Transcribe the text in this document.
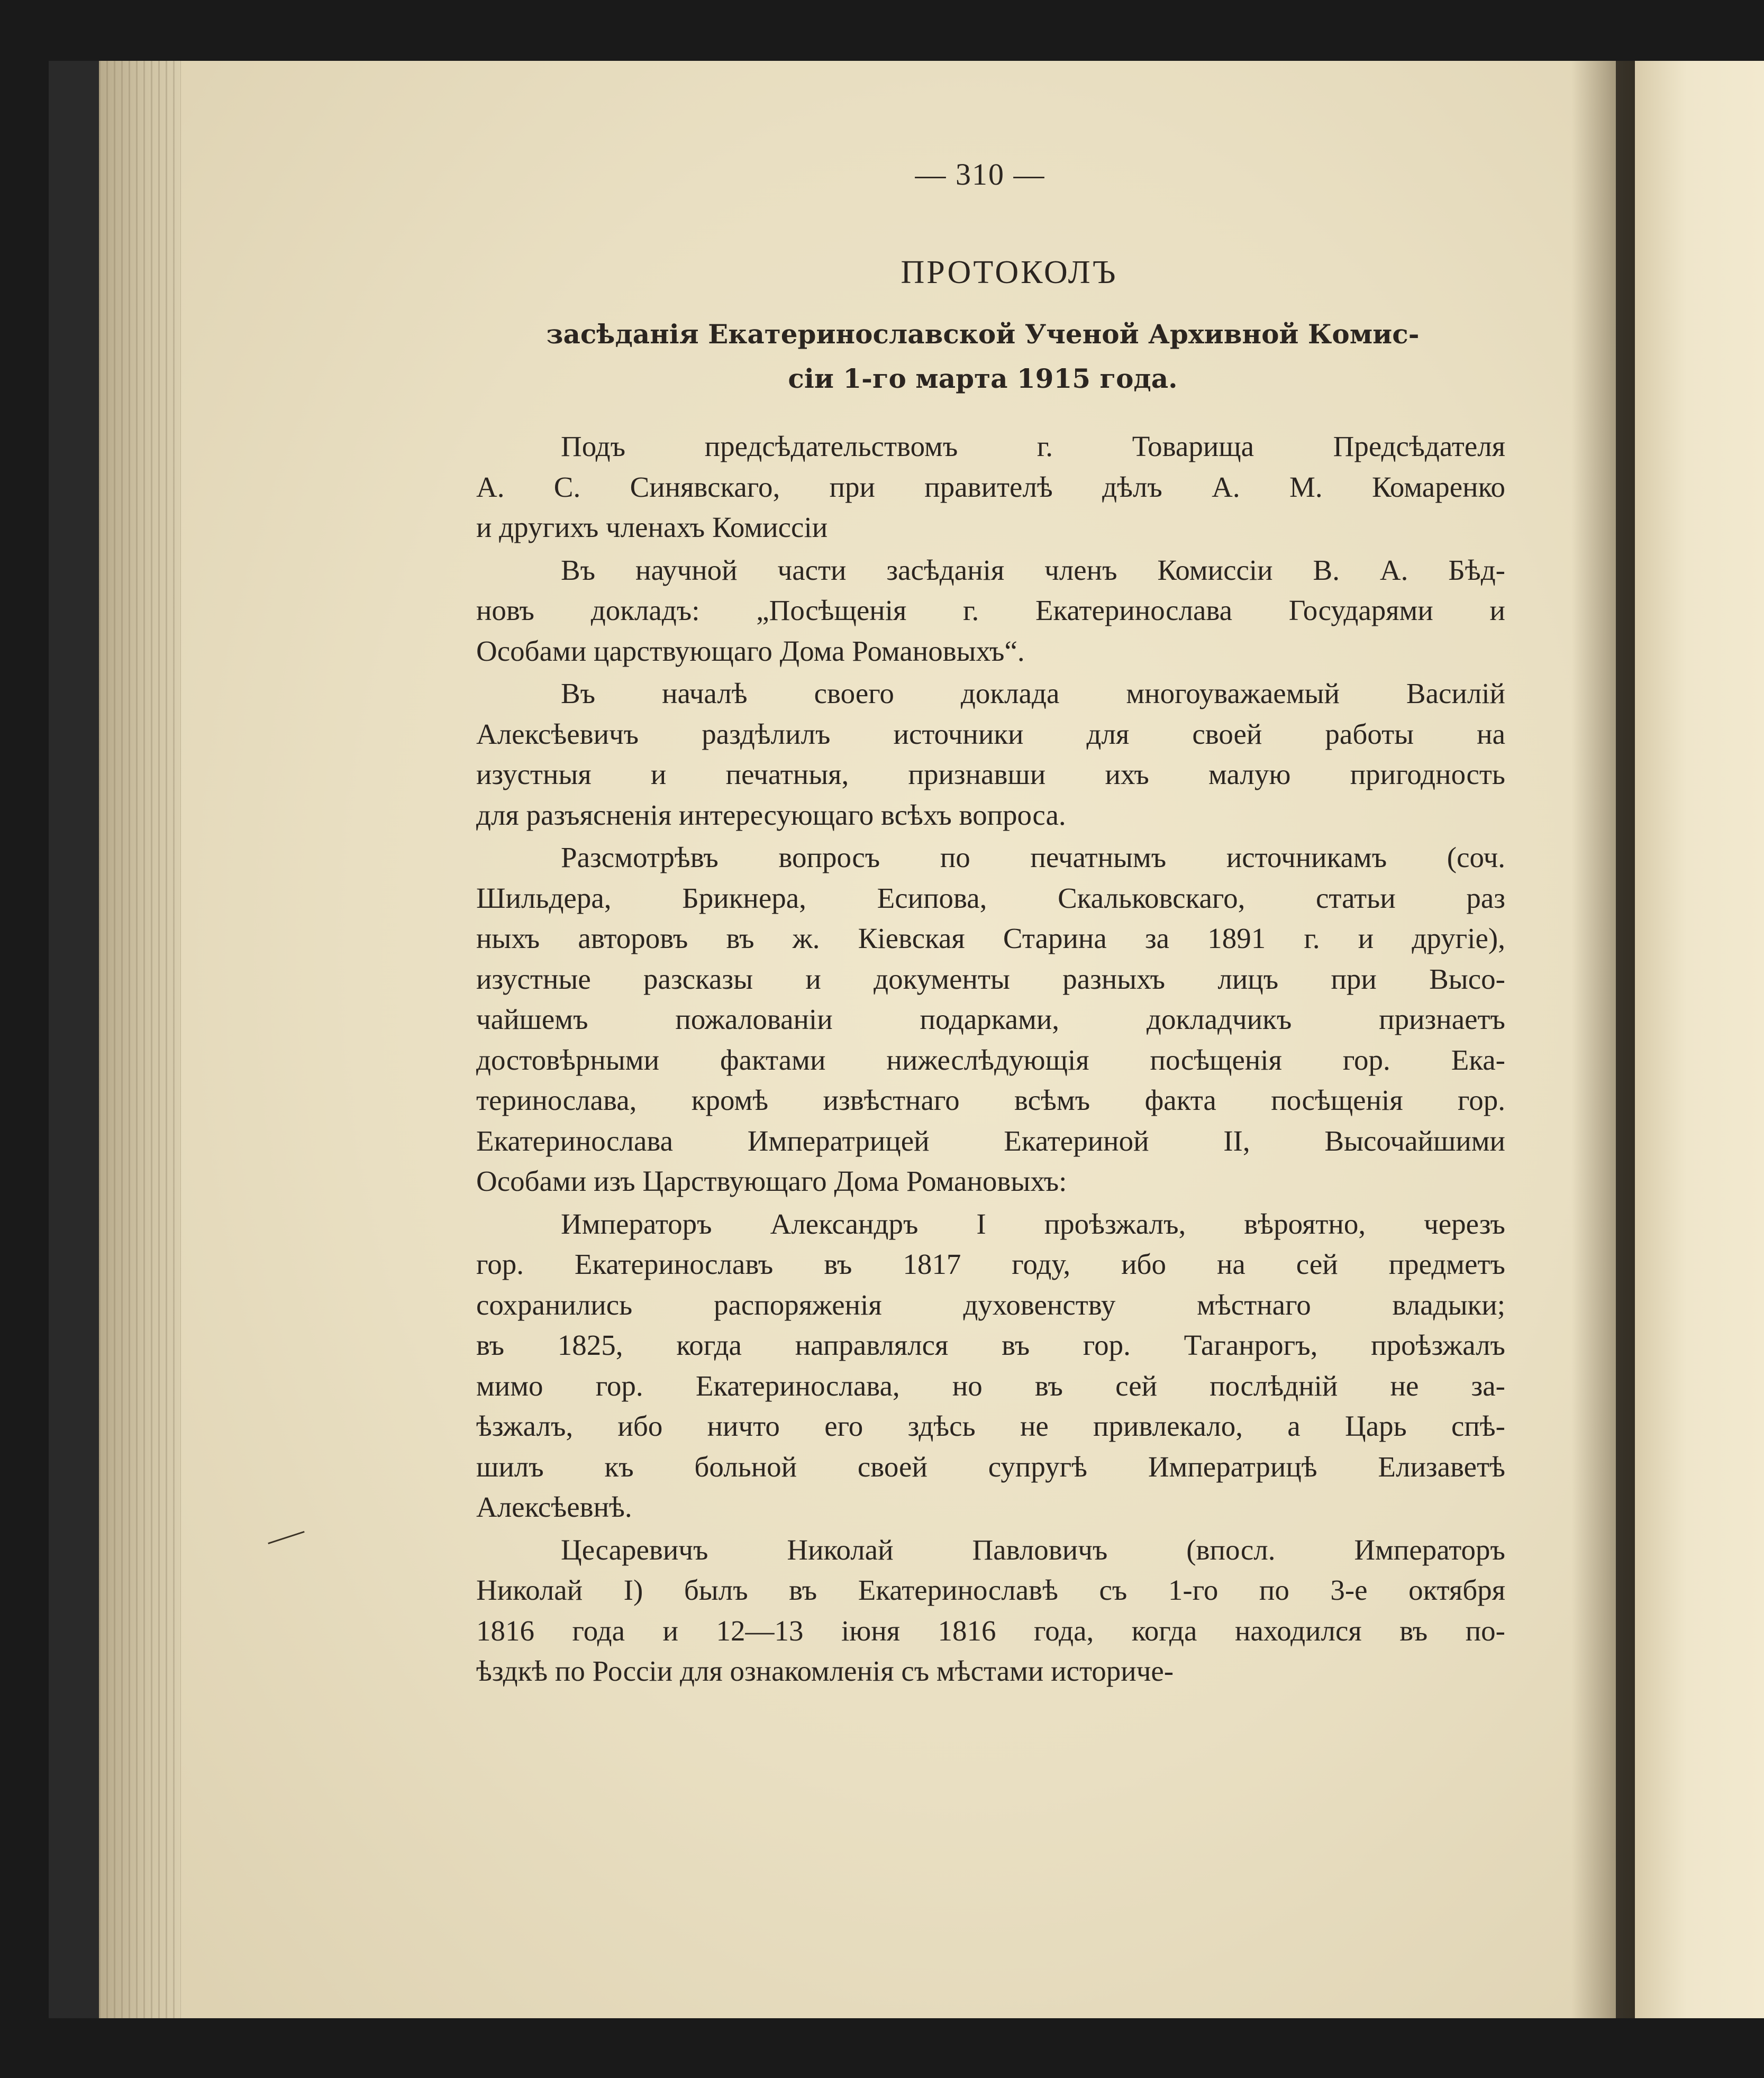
— 310 —
ПРОТОКОЛЪ
засѣданія Екатеринославской Ученой Архивной Комис-
сіи 1-го марта 1915 года.

Подъ предсѣдательствомъ г. Товарища Предсѣдателя
А. С. Синявскаго, при правителѣ дѣлъ А. М. Комаренко
и другихъ членахъ Комиссіи

Въ научной части засѣданія членъ Комиссіи В. А. Бѣд-
новъ докладъ: „Посѣщенія г. Екатеринослава Государями и
Особами царствующаго Дома Романовыхъ“.

Въ началѣ своего доклада многоуважаемый Василій
Алексѣевичъ раздѣлилъ источники для своей работы на
изустныя и печатныя, признавши ихъ малую пригодность
для разъясненія интересующаго всѣхъ вопроса.

Разсмотрѣвъ вопросъ по печатнымъ источникамъ (соч.
Шильдера, Брикнера, Есипова, Скальковскаго, статьи раз
ныхъ авторовъ въ ж. Кіевская Старина за 1891 г. и другіе),
изустные разсказы и документы разныхъ лицъ при Высо-
чайшемъ пожалованіи подарками, докладчикъ признаетъ
достовѣрными фактами нижеслѣдующія посѣщенія гор. Ека-
теринослава, кромѣ извѣстнаго всѣмъ факта посѣщенія гор.
Екатеринослава Императрицей Екатериной II, Высочайшими
Особами изъ Царствующаго Дома Романовыхъ:

Императоръ Александръ I проѣзжалъ, вѣроятно, черезъ
гор. Екатеринославъ въ 1817 году, ибо на сей предметъ
сохранились распоряженія духовенству мѣстнаго владыки;
въ 1825, когда направлялся въ гор. Таганрогъ, проѣзжалъ
мимо гор. Екатеринослава, но въ сей послѣдній не за-
ѣзжалъ, ибо ничто его здѣсь не привлекало, а Царь спѣ-
шилъ къ больной своей супругѣ Императрицѣ Елизаветѣ
Алексѣевнѣ.

Цесаревичъ Николай Павловичъ (впосл. Императоръ
Николай I) былъ въ Екатеринославѣ съ 1-го по 3-е октября
1816 года и 12—13 іюня 1816 года, когда находился въ по-
ѣздкѣ по Россіи для ознакомленія съ мѣстами историче-
